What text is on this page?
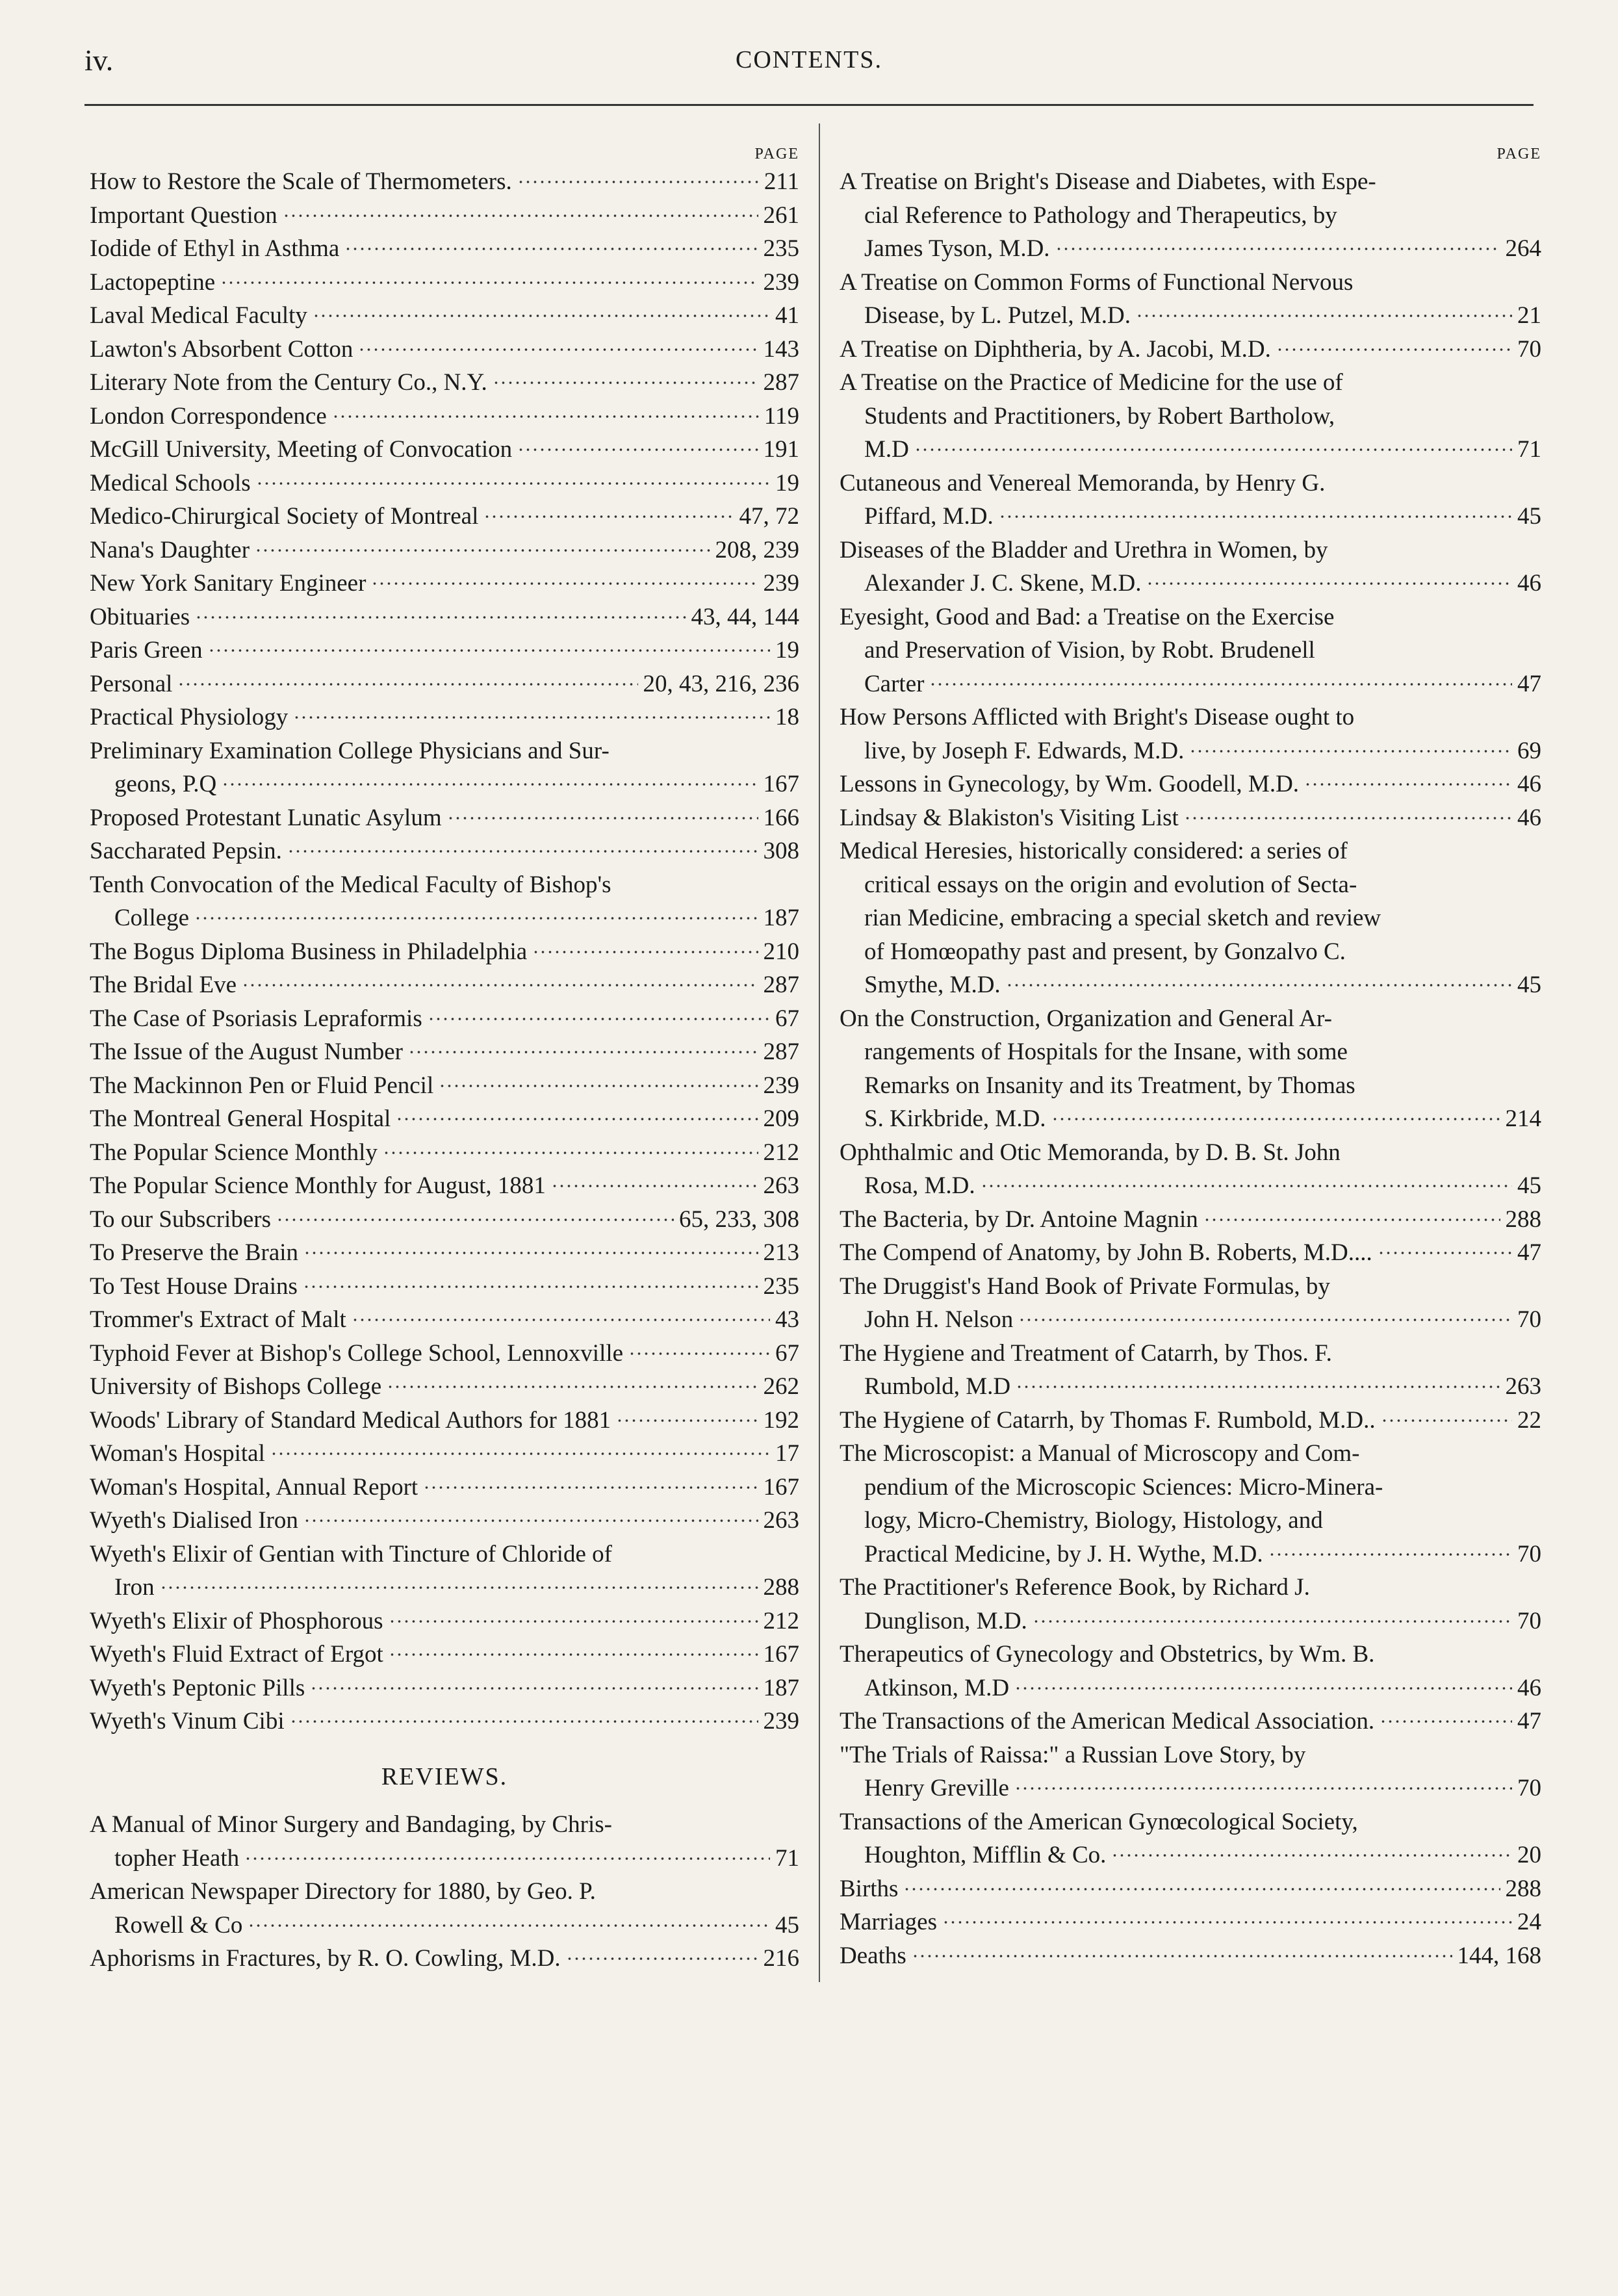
iv.	CONTENTS.
PAGE
How to Restore the Scale of Thermometers.	211
Important Question	261
Iodide of Ethyl in Asthma	235
Lactopeptine	239
Laval Medical Faculty	41
Lawton's Absorbent Cotton	143
Literary Note from the Century Co., N.Y.	287
London Correspondence	119
McGill University, Meeting of Convocation	191
Medical Schools	19
Medico-Chirurgical Society of Montreal	47, 72
Nana's Daughter	208, 239
New York Sanitary Engineer	239
Obituaries	43, 44, 144
Paris Green	19
Personal	20, 43, 216, 236
Practical Physiology	18
Preliminary Examination College Physicians and Sur-
geons, P.Q	167
Proposed Protestant Lunatic Asylum	166
Saccharated Pepsin.	308
Tenth Convocation of the Medical Faculty of Bishop's
College	187
The Bogus Diploma Business in Philadelphia	210
The Bridal Eve	287
The Case of Psoriasis Lepraformis	67
The Issue of the August Number	287
The Mackinnon Pen or Fluid Pencil	239
The Montreal General Hospital	209
The Popular Science Monthly	212
The Popular Science Monthly for August, 1881	263
To our Subscribers	65, 233, 308
To Preserve the Brain	213
To Test House Drains	235
Trommer's Extract of Malt	43
Typhoid Fever at Bishop's College School, Lennoxville	67
University of Bishops College	262
Woods' Library of Standard Medical Authors for 1881	192
Woman's Hospital	17
Woman's Hospital, Annual Report	167
Wyeth's Dialised Iron	263
Wyeth's Elixir of Gentian with Tincture of Chloride of
Iron	288
Wyeth's Elixir of Phosphorous	212
Wyeth's Fluid Extract of Ergot	167
Wyeth's Peptonic Pills	187
Wyeth's Vinum Cibi	239
REVIEWS.
A Manual of Minor Surgery and Bandaging, by Chris-
topher Heath	71
American Newspaper Directory for 1880, by Geo. P.
Rowell & Co	45
Aphorisms in Fractures, by R. O. Cowling, M.D.	216
PAGE
A Treatise on Bright's Disease and Diabetes, with Espe-
cial Reference to Pathology and Therapeutics, by
James Tyson, M.D.	264
A Treatise on Common Forms of Functional Nervous
Disease, by L. Putzel, M.D.	21
A Treatise on Diphtheria, by A. Jacobi, M.D.	70
A Treatise on the Practice of Medicine for the use of
Students and Practitioners, by Robert Bartholow,
M.D	71
Cutaneous and Venereal Memoranda, by Henry G.
Piffard, M.D.	45
Diseases of the Bladder and Urethra in Women, by
Alexander J. C. Skene, M.D.	46
Eyesight, Good and Bad: a Treatise on the Exercise
and Preservation of Vision, by Robt. Brudenell
Carter	47
How Persons Afflicted with Bright's Disease ought to
live, by Joseph F. Edwards, M.D.	69
Lessons in Gynecology, by Wm. Goodell, M.D.	46
Lindsay & Blakiston's Visiting List	46
Medical Heresies, historically considered: a series of
critical essays on the origin and evolution of Secta-
rian Medicine, embracing a special sketch and review
of Homœopathy past and present, by Gonzalvo C.
Smythe, M.D.	45
On the Construction, Organization and General Ar-
rangements of Hospitals for the Insane, with some
Remarks on Insanity and its Treatment, by Thomas
S. Kirkbride, M.D.	214
Ophthalmic and Otic Memoranda, by D. B. St. John
Rosa, M.D.	45
The Bacteria, by Dr. Antoine Magnin	288
The Compend of Anatomy, by John B. Roberts, M.D....	47
The Druggist's Hand Book of Private Formulas, by
John H. Nelson	70
The Hygiene and Treatment of Catarrh, by Thos. F.
Rumbold, M.D	263
The Hygiene of Catarrh, by Thomas F. Rumbold, M.D..	22
The Microscopist: a Manual of Microscopy and Com-
pendium of the Microscopic Sciences: Micro-Minera-
logy, Micro-Chemistry, Biology, Histology, and
Practical Medicine, by J. H. Wythe, M.D.	70
The Practitioner's Reference Book, by Richard J.
Dunglison, M.D.	70
Therapeutics of Gynecology and Obstetrics, by Wm. B.
Atkinson, M.D	46
The Transactions of the American Medical Association.	47
"The Trials of Raissa:" a Russian Love Story, by
Henry Greville	70
Transactions of the American Gynœcological Society,
Houghton, Mifflin & Co.	20
Births	288
Marriages	24
Deaths	144, 168
